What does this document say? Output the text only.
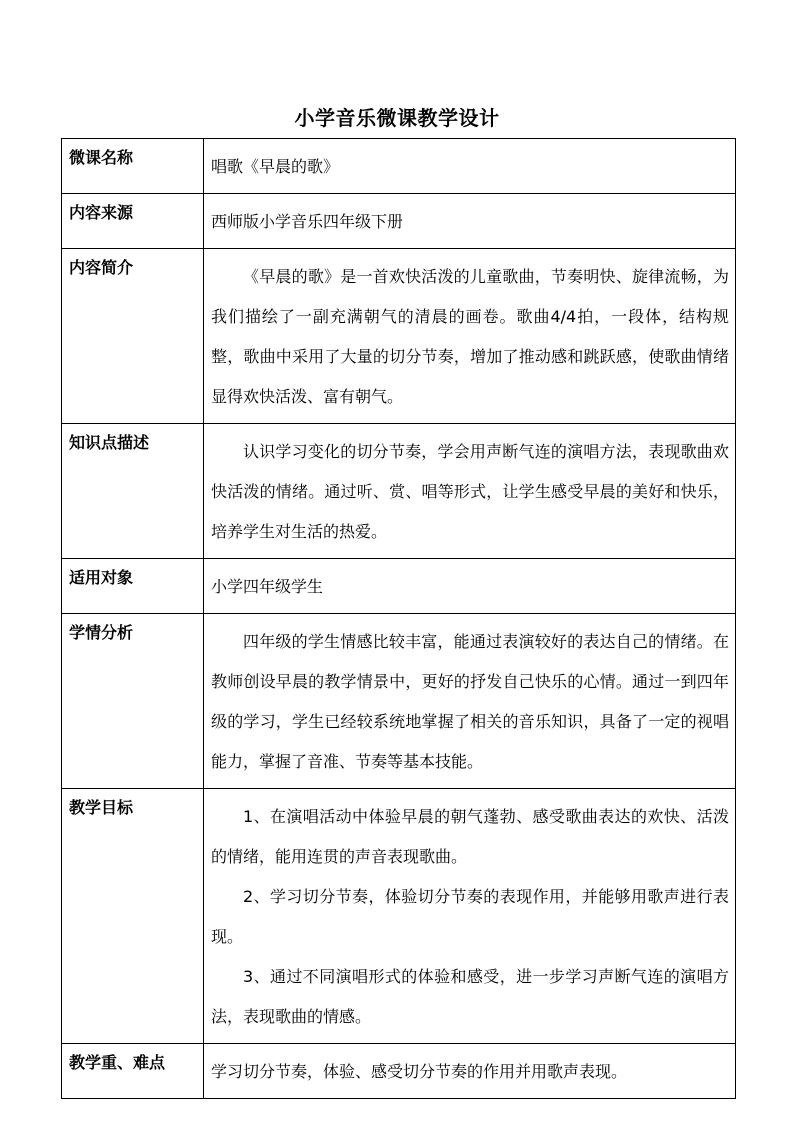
小学音乐微课教学设计
微课名称	唱歌《早晨的歌》

内容来源	西师版小学音乐四年级下册

内容简介	《早晨的歌》是一首欢快活泼的儿童歌曲，节奏明快、旋律流畅，为我们描绘了一副充满朝气的清晨的画卷。歌曲4/4拍，一段体，结构规整，歌曲中采用了大量的切分节奏，增加了推动感和跳跃感，使歌曲情绪显得欢快活泼、富有朝气。

知识点描述	认识学习变化的切分节奏，学会用声断气连的演唱方法，表现歌曲欢快活泼的情绪。通过听、赏、唱等形式，让学生感受早晨的美好和快乐，培养学生对生活的热爱。

适用对象	小学四年级学生

学情分析	四年级的学生情感比较丰富，能通过表演较好的表达自己的情绪。在教师创设早晨的教学情景中，更好的抒发自己快乐的心情。通过一到四年级的学习，学生已经较系统地掌握了相关的音乐知识，具备了一定的视唱能力，掌握了音准、节奏等基本技能。

教学目标	1、在演唱活动中体验早晨的朝气蓬勃、感受歌曲表达的欢快、活泼的情绪，能用连贯的声音表现歌曲。

2、学习切分节奏，体验切分节奏的表现作用，并能够用歌声进行表现。

3、通过不同演唱形式的体验和感受，进一步学习声断气连的演唱方法，表现歌曲的情感。

教学重、难点	学习切分节奏，体验、感受切分节奏的作用并用歌声表现。
